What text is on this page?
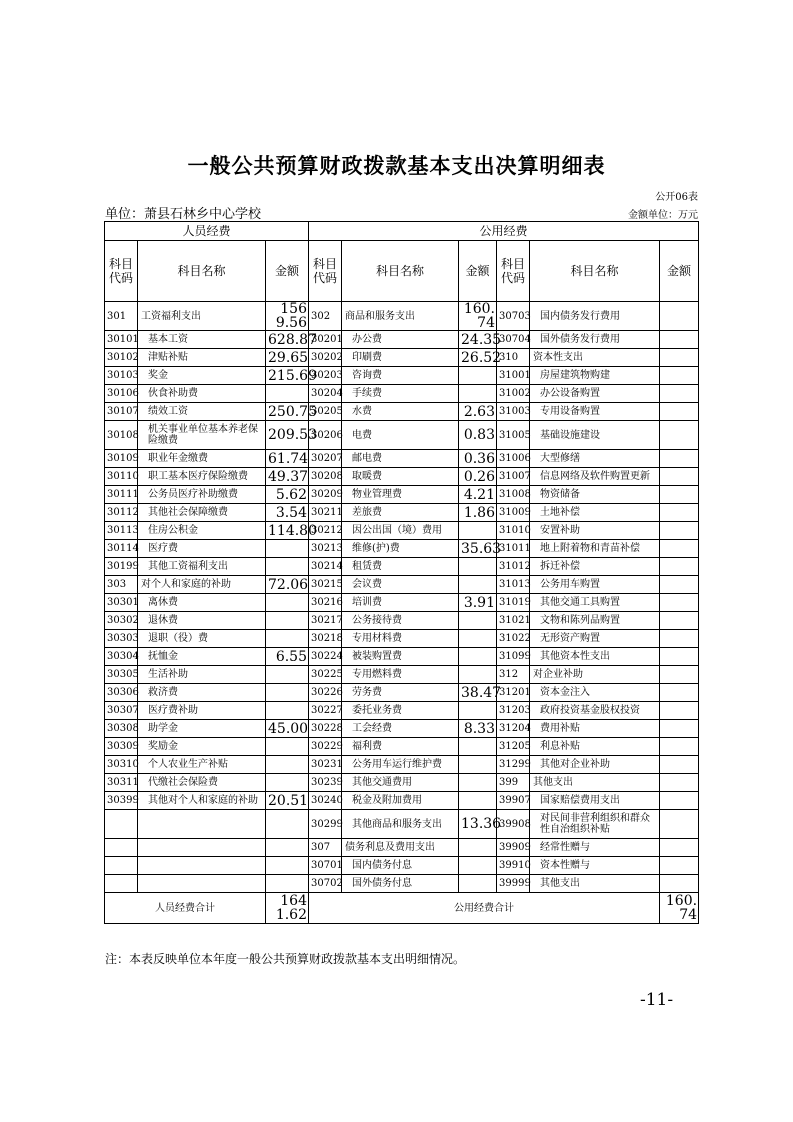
一般公共预算财政拨款基本支出决算明细表
公开06表
单位：萧县石林乡中心学校	金额单位：万元
人员经费			公用经费					
科目代码	科目名称	金额	科目代码	科目名称	金额	科目代码	科目名称	金额
301	工资福利支出	1569.56	302	商品和服务支出	160.74	30703	国内债务发行费用	
30101	基本工资	628.87	30201	办公费	24.35	30704	国外债务发行费用	
30102	津贴补贴	29.65	30202	印刷费	26.52	310	资本性支出	
30103	奖金	215.69	30203	咨询费		31001	房屋建筑物购建	
30106	伙食补助费		30204	手续费		31002	办公设备购置	
30107	绩效工资	250.75	30205	水费	2.63	31003	专用设备购置	
30108	机关事业单位基本养老保险缴费	209.53	30206	电费	0.83	31005	基础设施建设	
30109	职业年金缴费	61.74	30207	邮电费	0.36	31006	大型修缮	
30110	职工基本医疗保险缴费	49.37	30208	取暖费	0.26	31007	信息网络及软件购置更新	
30111	公务员医疗补助缴费	5.62	30209	物业管理费	4.21	31008	物资储备	
30112	其他社会保障缴费	3.54	30211	差旅费	1.86	31009	土地补偿	
30113	住房公积金	114.80	30212	因公出国（境）费用		31010	安置补助	
30114	医疗费		30213	维修(护)费	35.63	31011	地上附着物和青苗补偿	
30199	其他工资福利支出		30214	租赁费		31012	拆迁补偿	
303	对个人和家庭的补助	72.06	30215	会议费		31013	公务用车购置	
30301	离休费		30216	培训费	3.91	31019	其他交通工具购置	
30302	退休费		30217	公务接待费		31021	文物和陈列品购置	
30303	退职（役）费		30218	专用材料费		31022	无形资产购置	
30304	抚恤金	6.55	30224	被装购置费		31099	其他资本性支出	
30305	生活补助		30225	专用燃料费		312	对企业补助	
30306	救济费		30226	劳务费	38.47	31201	资本金注入	
30307	医疗费补助		30227	委托业务费		31203	政府投资基金股权投资	
30308	助学金	45.00	30228	工会经费	8.33	31204	费用补贴	
30309	奖励金		30229	福利费		31205	利息补贴	
30310	个人农业生产补贴		30231	公务用车运行维护费		31299	其他对企业补助	
30311	代缴社会保险费		30239	其他交通费用		399	其他支出	
30399	其他对个人和家庭的补助	20.51	30240	税金及附加费用		39907	国家赔偿费用支出	
			30299	其他商品和服务支出	13.36	39908	对民间非营利组织和群众性自治组织补贴	
			307	债务利息及费用支出		39909	经常性赠与	
			30701	国内债务付息		39910	资本性赠与	
			30702	国外债务付息		39999	其他支出	
人员经费合计		1641.62	公用经费合计					160.74
注：本表反映单位本年度一般公共预算财政拨款基本支出明细情况。
-11-
